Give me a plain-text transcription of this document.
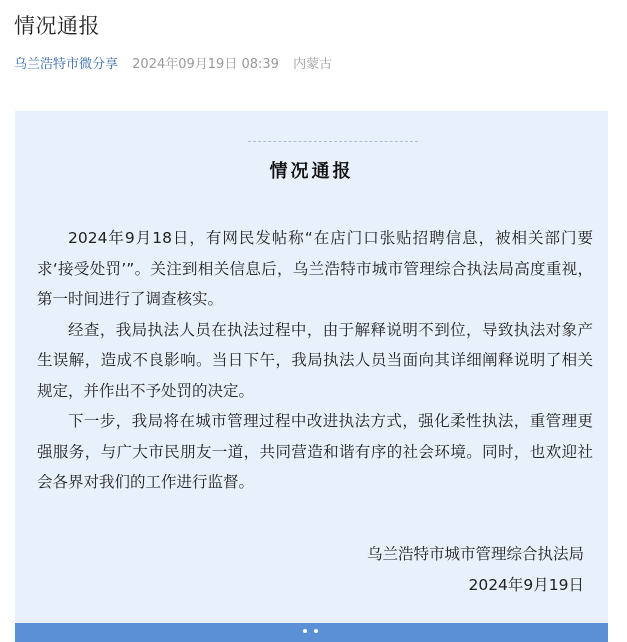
情况通报
乌兰浩特市微分享 2024年09月19日 08:39 内蒙古
情况通报

2024年9月18日，有网民发帖称“在店门口张贴招聘信息，被相关部门要求‘接受处罚’”。关注到相关信息后，乌兰浩特市城市管理综合执法局高度重视，第一时间进行了调查核实。

经查，我局执法人员在执法过程中，由于解释说明不到位，导致执法对象产生误解，造成不良影响。当日下午，我局执法人员当面向其详细阐释说明了相关规定，并作出不予处罚的决定。

下一步，我局将在城市管理过程中改进执法方式，强化柔性执法，重管理更强服务，与广大市民朋友一道，共同营造和谐有序的社会环境。同时，也欢迎社会各界对我们的工作进行监督。

乌兰浩特市城市管理综合执法局
2024年9月19日
